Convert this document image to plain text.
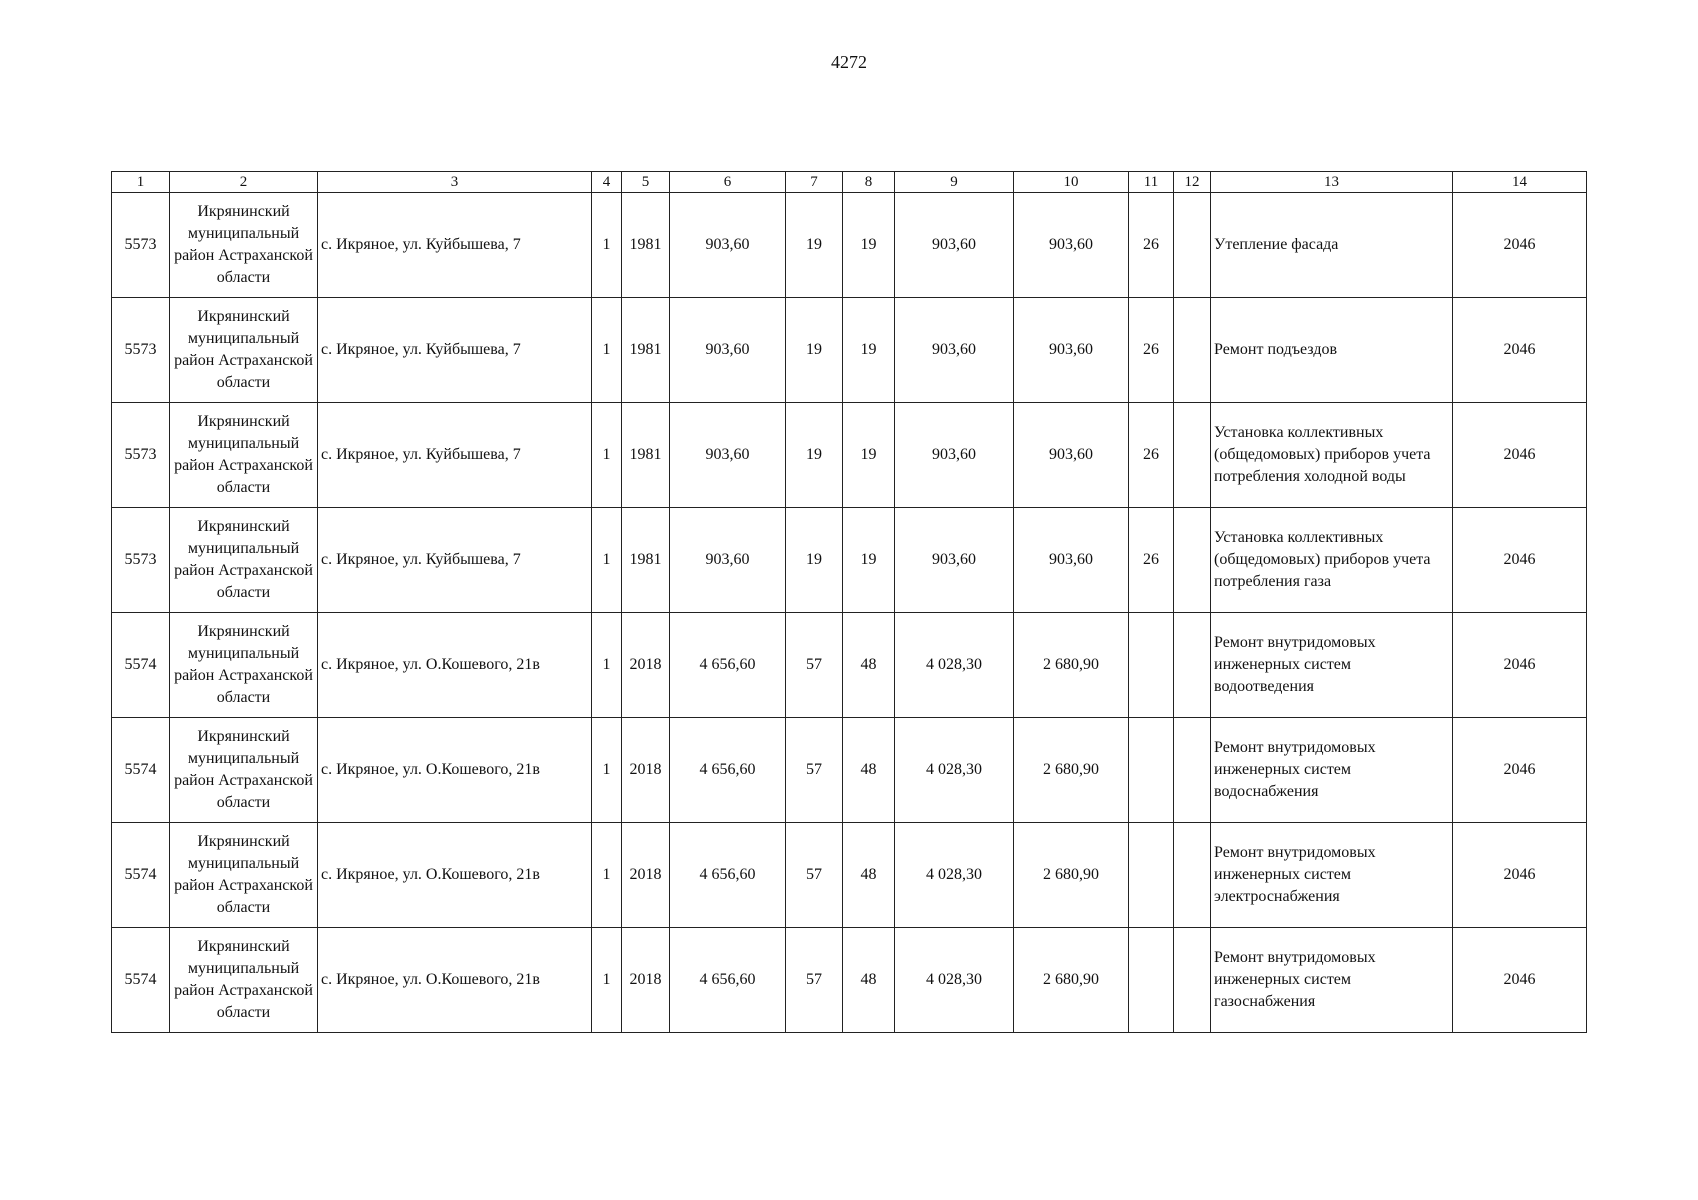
4272
1	2	3	4	5	6	7	8	9	10	11	12	13	14
5573	Икрянинский муниципальный район Астраханской области	с. Икряное, ул. Куйбышева, 7	1	1981	903,60	19	19	903,60	903,60	26		Утепление фасада	2046
5573	Икрянинский муниципальный район Астраханской области	с. Икряное, ул. Куйбышева, 7	1	1981	903,60	19	19	903,60	903,60	26		Ремонт подъездов	2046
5573	Икрянинский муниципальный район Астраханской области	с. Икряное, ул. Куйбышева, 7	1	1981	903,60	19	19	903,60	903,60	26		Установка коллективных (общедомовых) приборов учета потребления холодной воды	2046
5573	Икрянинский муниципальный район Астраханской области	с. Икряное, ул. Куйбышева, 7	1	1981	903,60	19	19	903,60	903,60	26		Установка коллективных (общедомовых) приборов учета потребления газа	2046
5574	Икрянинский муниципальный район Астраханской области	с. Икряное, ул. О.Кошевого, 21в	1	2018	4 656,60	57	48	4 028,30	2 680,90			Ремонт внутридомовых инженерных систем водоотведения	2046
5574	Икрянинский муниципальный район Астраханской области	с. Икряное, ул. О.Кошевого, 21в	1	2018	4 656,60	57	48	4 028,30	2 680,90			Ремонт внутридомовых инженерных систем водоснабжения	2046
5574	Икрянинский муниципальный район Астраханской области	с. Икряное, ул. О.Кошевого, 21в	1	2018	4 656,60	57	48	4 028,30	2 680,90			Ремонт внутридомовых инженерных систем электроснабжения	2046
5574	Икрянинский муниципальный район Астраханской области	с. Икряное, ул. О.Кошевого, 21в	1	2018	4 656,60	57	48	4 028,30	2 680,90			Ремонт внутридомовых инженерных систем газоснабжения	2046
